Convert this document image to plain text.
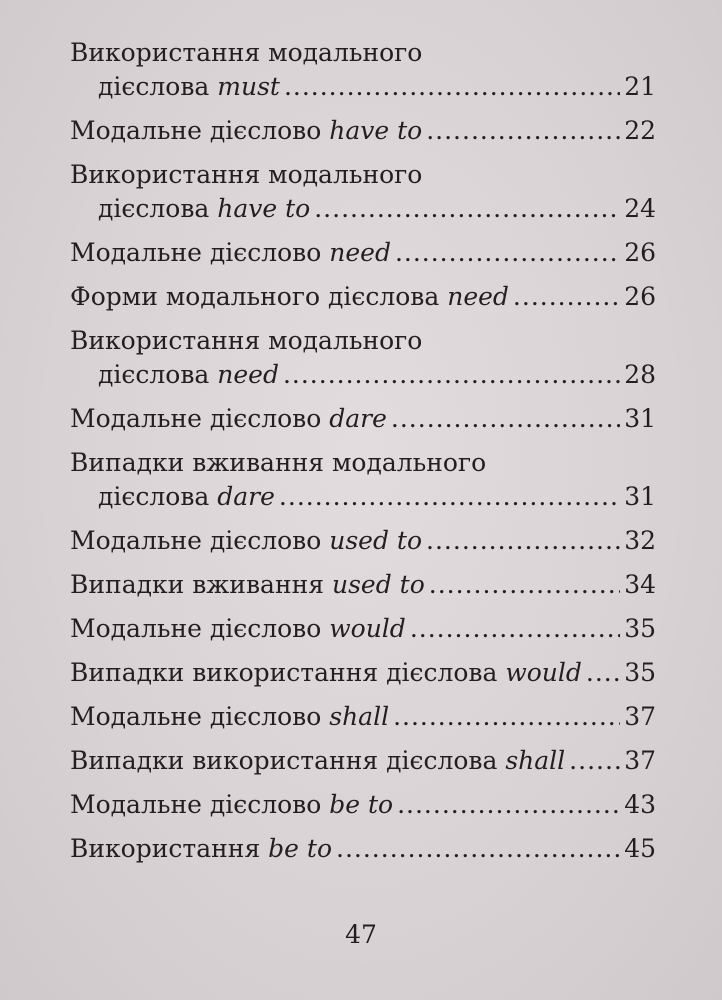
Використання модального
дієслова must .....	21
Модальне дієслово have to .....	22
Використання модального
дієслова have to .....	24
Модальне дієслово need .....	26
Форми модального дієслова need .....	26
Використання модального
дієслова need .....	28
Модальне дієслово dare .....	31
Випадки вживання модального
дієслова dare .....	31
Модальне дієслово used to .....	32
Випадки вживання used to .....	34
Модальне дієслово would .....	35
Випадки використання дієслова would ..... 35
Модальне дієслово shall .....	37
Випадки використання дієслова shall ..... 37
Модальне дієслово be to .....	43
Використання be to .....	45
47
